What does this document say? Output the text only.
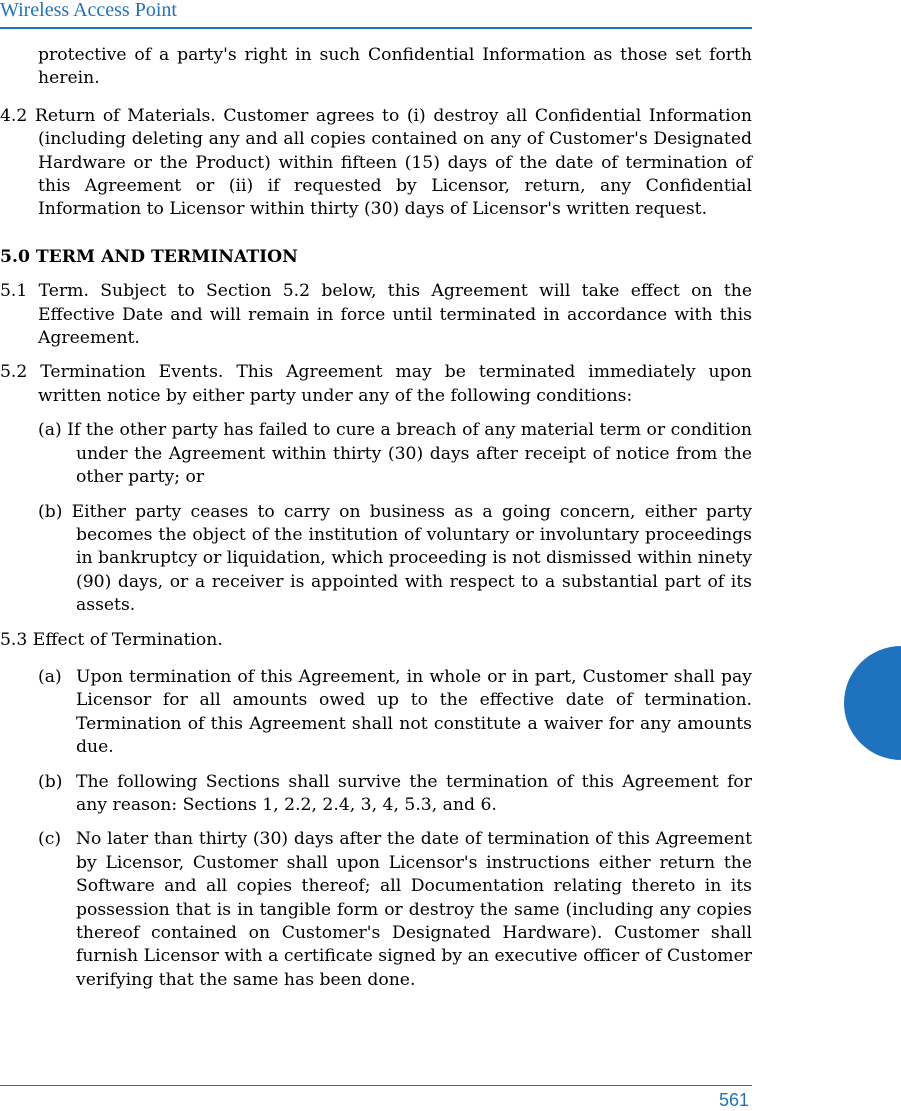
Wireless Access Point

protective of a party's right in such Confidential Information as those set forth herein.

4.2 Return of Materials. Customer agrees to (i) destroy all Confidential Information (including deleting any and all copies contained on any of Customer's Designated Hardware or the Product) within fifteen (15) days of the date of termination of this Agreement or (ii) if requested by Licensor, return, any Confidential Information to Licensor within thirty (30) days of Licensor's written request.

5.0 TERM AND TERMINATION

5.1 Term. Subject to Section 5.2 below, this Agreement will take effect on the Effective Date and will remain in force until terminated in accordance with this Agreement.

5.2 Termination Events. This Agreement may be terminated immediately upon written notice by either party under any of the following conditions:

(a) If the other party has failed to cure a breach of any material term or condition under the Agreement within thirty (30) days after receipt of notice from the other party; or

(b) Either party ceases to carry on business as a going concern, either party becomes the object of the institution of voluntary or involuntary proceedings in bankruptcy or liquidation, which proceeding is not dismissed within ninety (90) days, or a receiver is appointed with respect to a substantial part of its assets.

5.3 Effect of Termination.

(a) Upon termination of this Agreement, in whole or in part, Customer shall pay Licensor for all amounts owed up to the effective date of termination. Termination of this Agreement shall not constitute a waiver for any amounts due.
(b) The following Sections shall survive the termination of this Agreement for any reason: Sections 1, 2.2, 2.4, 3, 4, 5.3, and 6.
(c) No later than thirty (30) days after the date of termination of this Agreement by Licensor, Customer shall upon Licensor's instructions either return the Software and all copies thereof; all Documentation relating thereto in its possession that is in tangible form or destroy the same (including any copies thereof contained on Customer's Designated Hardware). Customer shall furnish Licensor with a certificate signed by an executive officer of Customer verifying that the same has been done.
561
